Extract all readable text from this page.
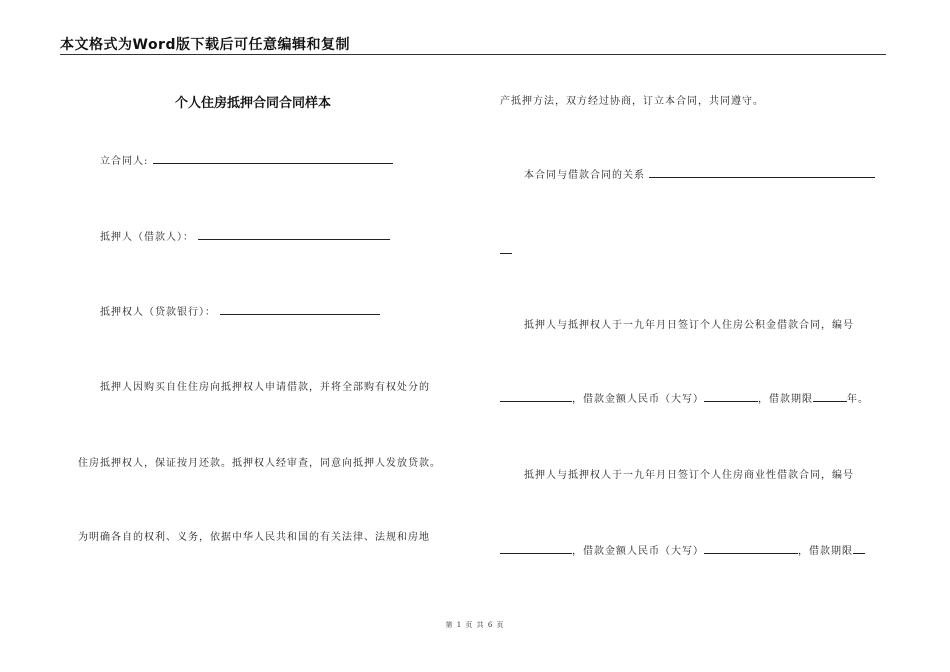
本文格式为Word版下载后可任意编辑和复制
个人住房抵押合同合同样本
立合同人:
抵押人（借款人）：
抵押权人（贷款银行）：
抵押人因购买自住住房向抵押权人申请借款，并将全部购有权处分的
住房抵押权人，保证按月还款。抵押权人经审查，同意向抵押人发放贷款。
为明确各自的权利、义务，依据中华人民共和国的有关法律、法规和房地
产抵押方法，双方经过协商，订立本合同，共同遵守。
本合同与借款合同的关系
抵押人与抵押权人于一九年月日签订个人住房公积金借款合同，编号
，借款金额人民币（大写）	，借款期限	年。
抵押人与抵押权人于一九年月日签订个人住房商业性借款合同，编号
，借款金额人民币（大写）	，借款期限
第 1 页 共 6 页
